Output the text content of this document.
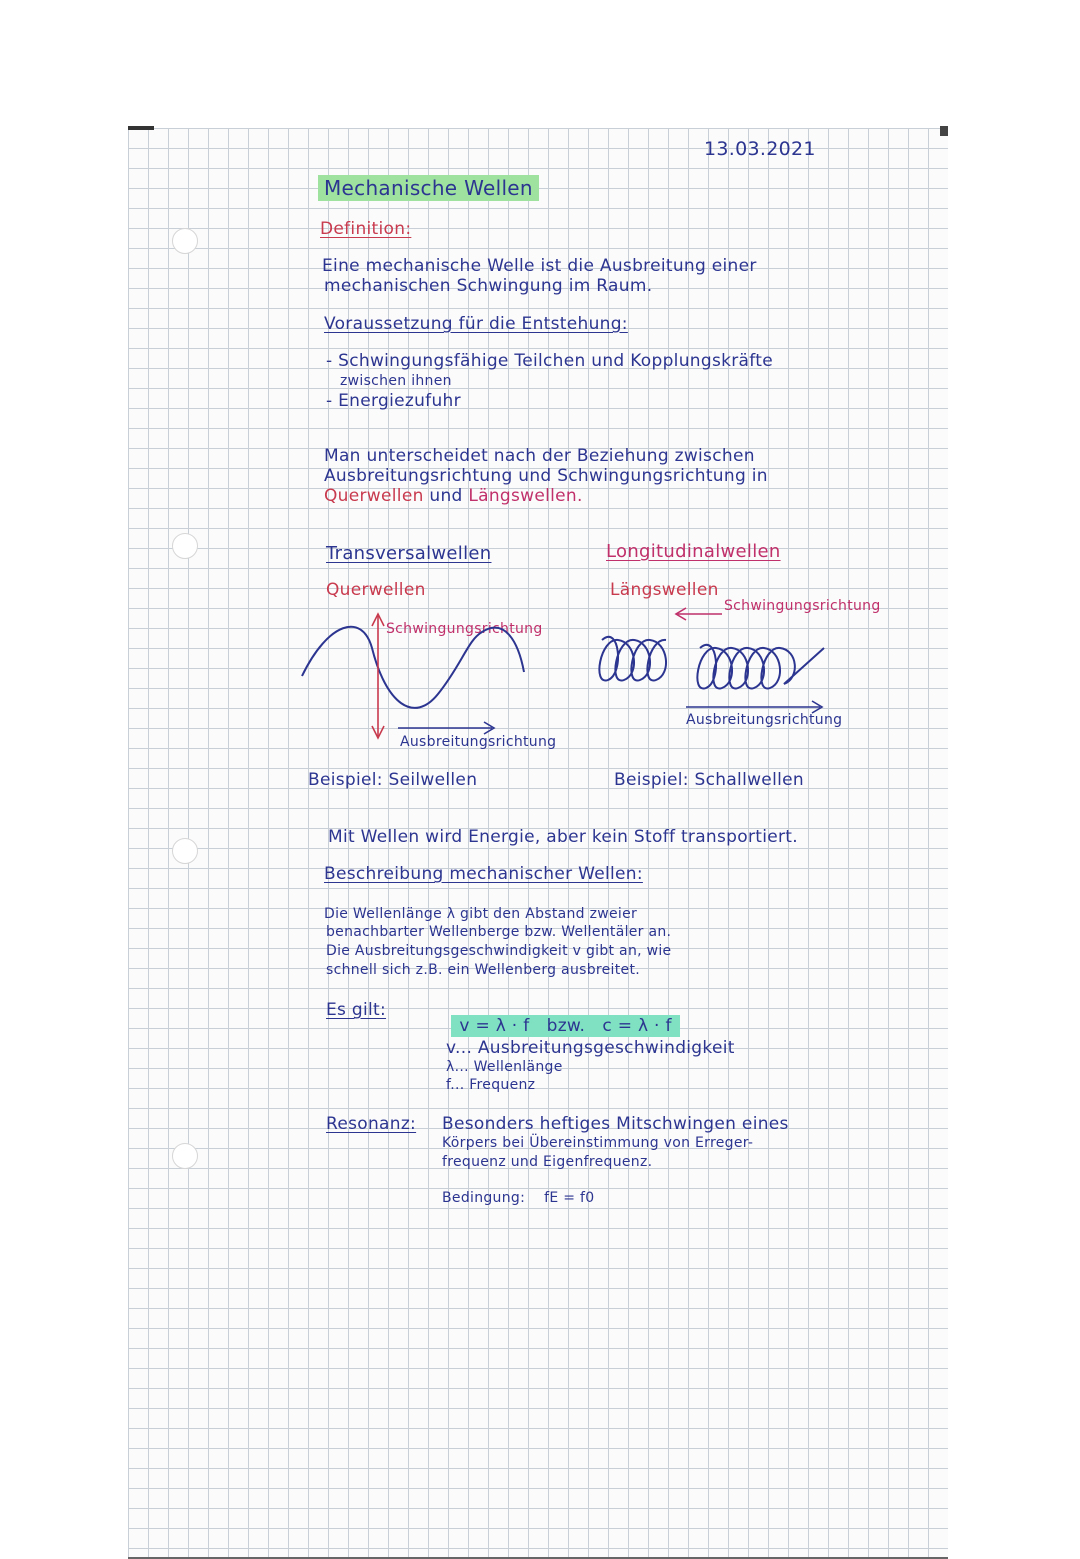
13.03.2021
Mechanische Wellen
Definition:
Eine mechanische Welle ist die Ausbreitung einer
mechanischen Schwingung im Raum.
Voraussetzung für die Entstehung:
- Schwingungsfähige Teilchen und Kopplungskräfte
zwischen ihnen
- Energiezufuhr
Man unterscheidet nach der Beziehung zwischen
Ausbreitungsrichtung und Schwingungsrichtung in
Querwellen und Längswellen.
Transversalwellen
Querwellen
Schwingungsrichtung
Ausbreitungsrichtung
Beispiel: Seilwellen
Longitudinalwellen
Längswellen
Schwingungsrichtung
Ausbreitungsrichtung
Beispiel: Schallwellen
Mit Wellen wird Energie, aber kein Stoff transportiert.
Beschreibung mechanischer Wellen:
Die Wellenlänge λ gibt den Abstand zweier
benachbarter Wellenberge bzw. Wellentäler an.
Die Ausbreitungsgeschwindigkeit v gibt an, wie
schnell sich z.B. ein Wellenberg ausbreitet.
Es gilt:

v = λ · f   bzw.   c = λ · f

v... Ausbreitungsgeschwindigkeit
λ... Wellenlänge
f... Frequenz
Resonanz: Besonders heftiges Mitschwingen eines
Körpers bei Übereinstimmung von Erreger-
frequenz und Eigenfrequenz.
Bedingung: fE = f0
